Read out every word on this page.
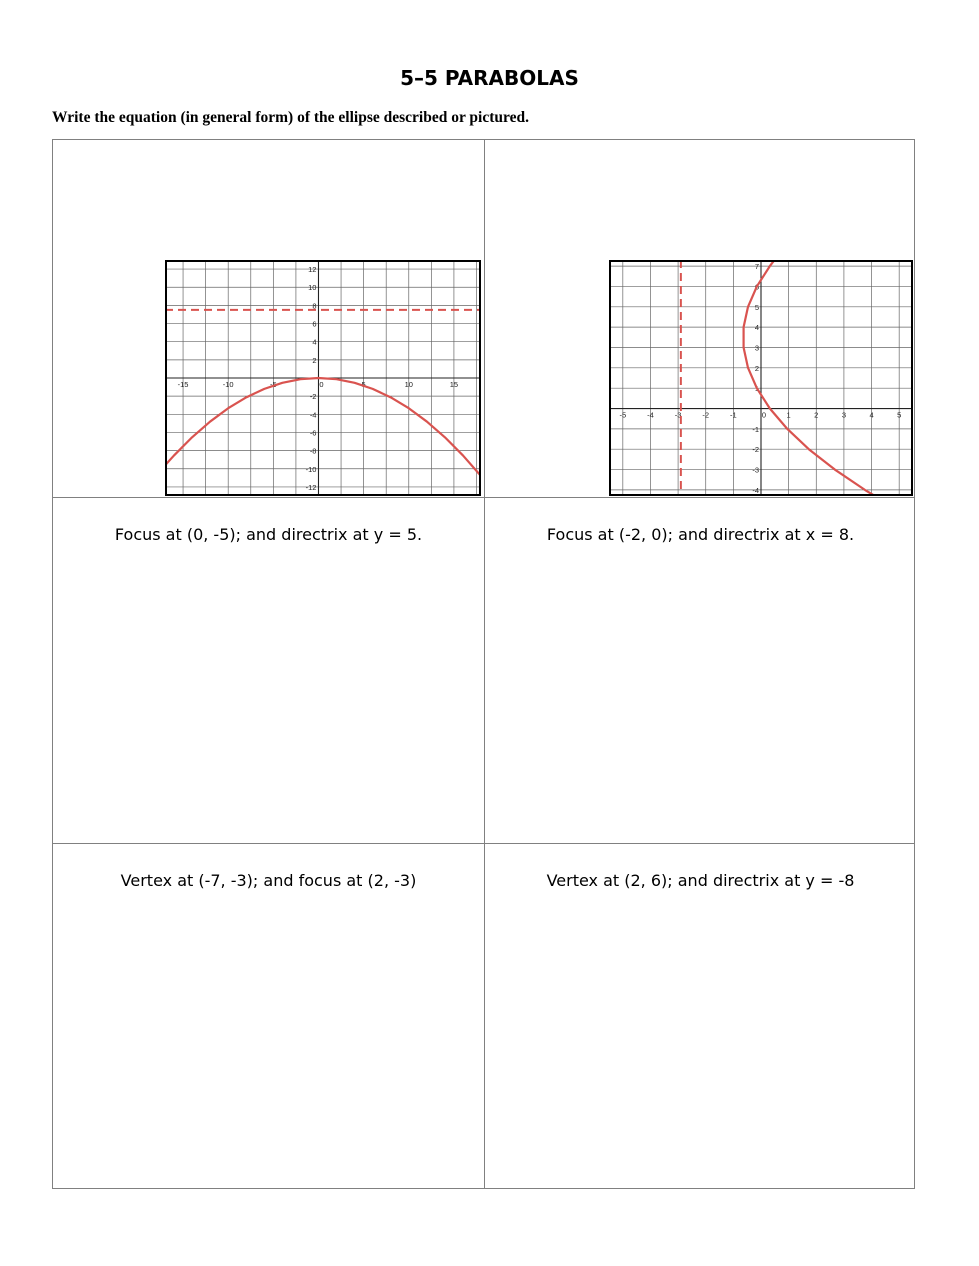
5–5 PARABOLAS
Write the equation (in general form) of the ellipse described or pictured.
-15	-10	-5	0	5	10	15
12
10
8
6
4
2
-2
-4
-6
-8
-10
-12
-5	-4	-3	-2	-1	0	1	2	3	4	5
7
6
5
4
3
2
1
-1
-2
-3
-4
Focus at (0, -5); and directrix at y = 5.	Focus at (-2, 0); and directrix at x = 8.
Vertex at (-7, -3); and focus at (2, -3)	Vertex at (2, 6); and directrix at y = -8
